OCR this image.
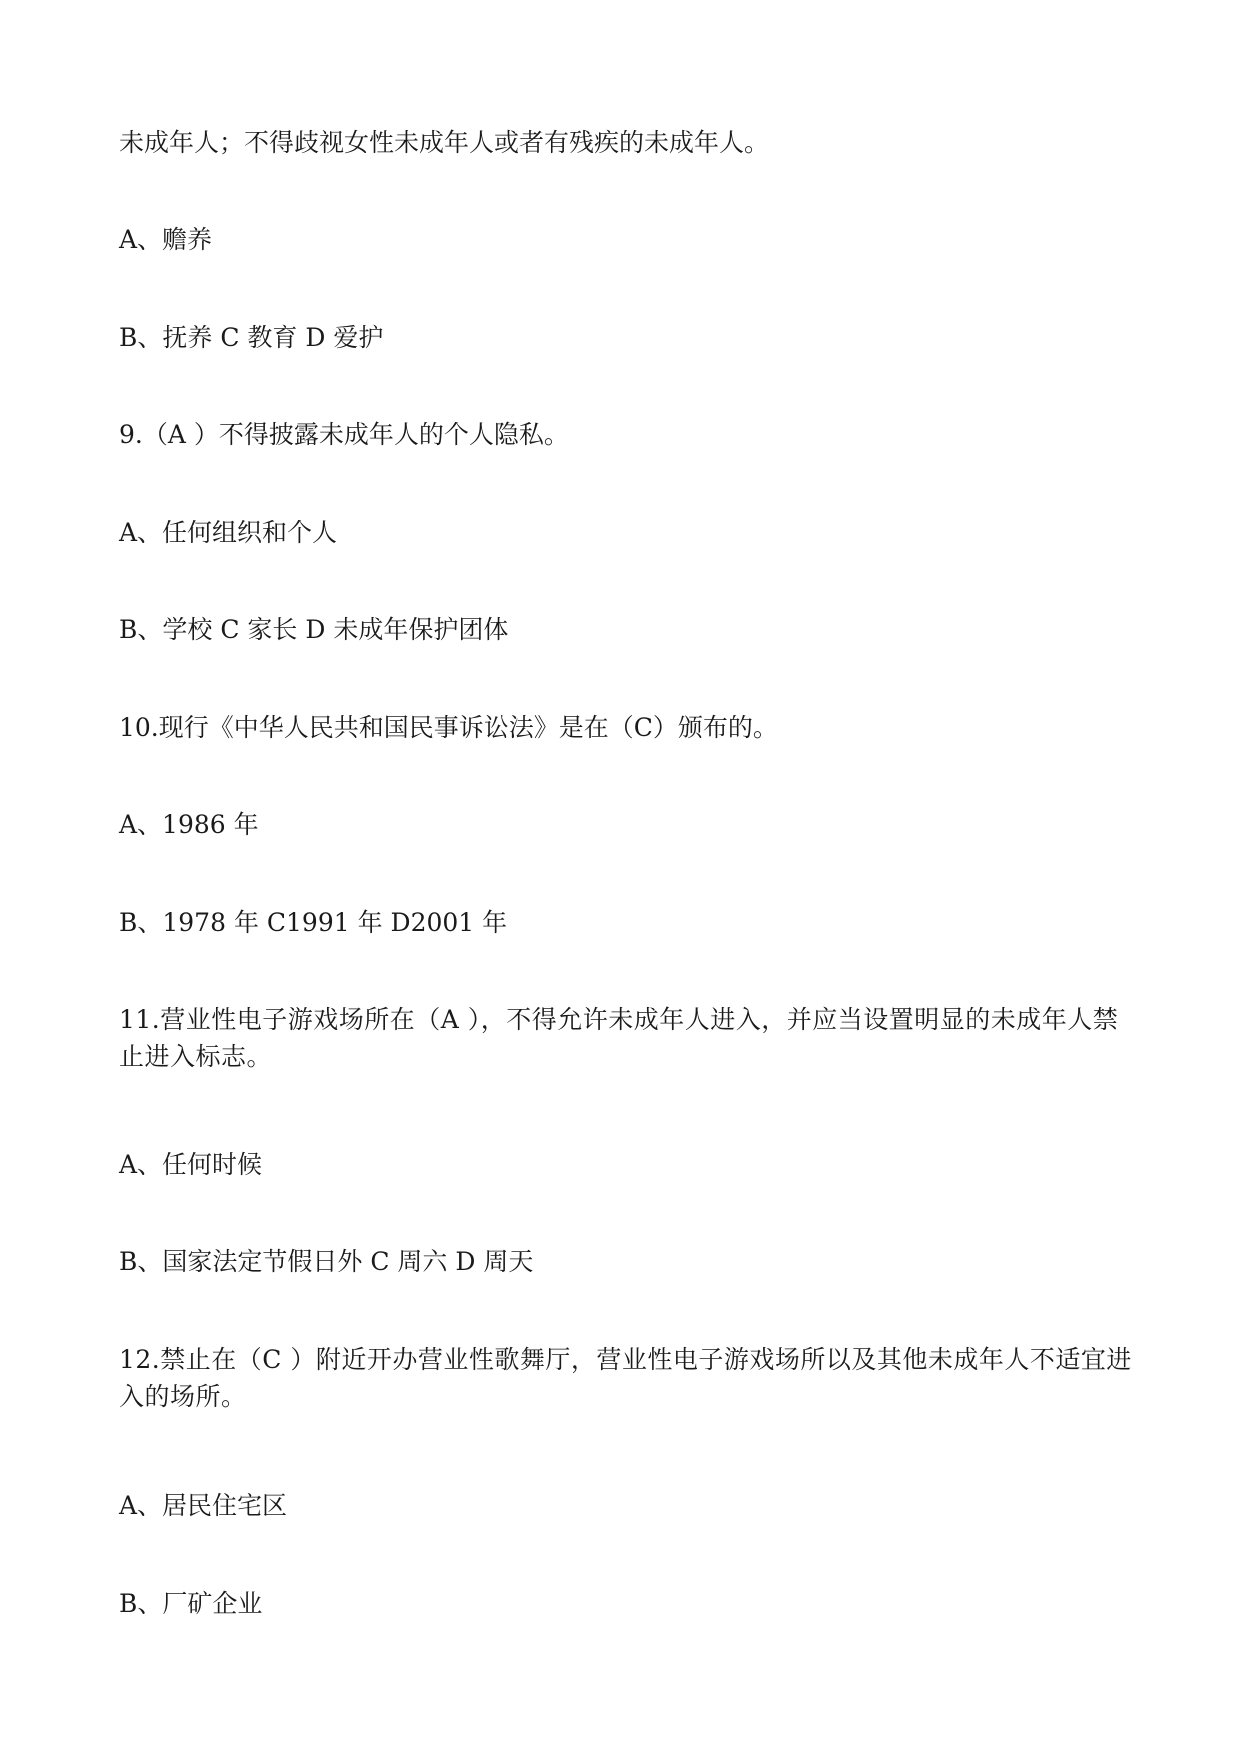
未成年人；不得歧视女性未成年人或者有残疾的未成年人。

A、赡养

B、抚养 C 教育 D 爱护

9.（A ）不得披露未成年人的个人隐私。

A、任何组织和个人

B、学校 C 家长 D 未成年保护团体

10.现行《中华人民共和国民事诉讼法》是在（C）颁布的。

A、1986 年

B、1978 年 C1991 年 D2001 年

11.营业性电子游戏场所在（A ），不得允许未成年人进入，并应当设置明显的未成年人禁止进入标志。

A、任何时候

B、国家法定节假日外 C 周六 D 周天

12.禁止在（C ）附近开办营业性歌舞厅，营业性电子游戏场所以及其他未成年人不适宜进入的场所。

A、居民住宅区

B、厂矿企业
